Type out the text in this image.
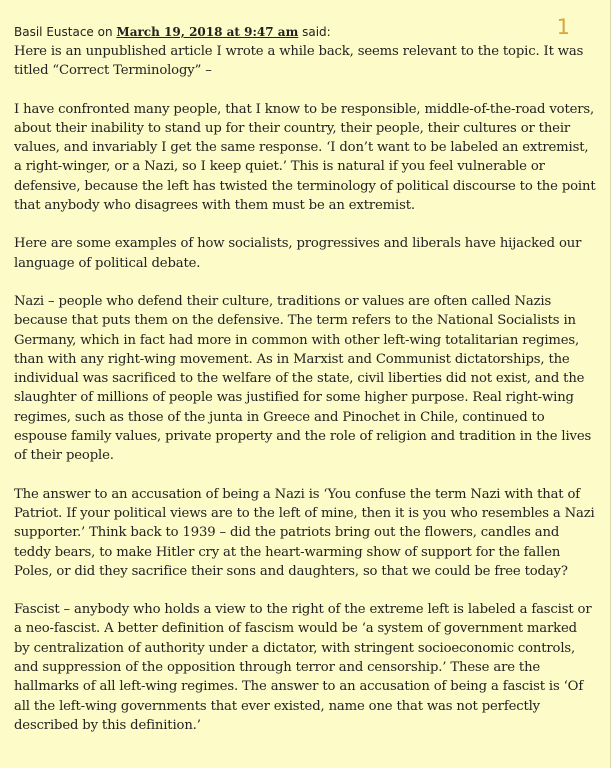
1
Basil Eustace on March 19, 2018 at 9:47 am said:

Here is an unpublished article I wrote a while back, seems relevant to the topic. It was titled “Correct Terminology” –

I have confronted many people, that I know to be responsible, middle-of-the-road voters, about their inability to stand up for their country, their people, their cultures or their values, and invariably I get the same response. ‘I don’t want to be labeled an extremist, a right-winger, or a Nazi, so I keep quiet.’ This is natural if you feel vulnerable or defensive, because the left has twisted the terminology of political discourse to the point that anybody who disagrees with them must be an extremist.

Here are some examples of how socialists, progressives and liberals have hijacked our language of political debate.

Nazi – people who defend their culture, traditions or values are often called Nazis because that puts them on the defensive. The term refers to the National Socialists in Germany, which in fact had more in common with other left-wing totalitarian regimes, than with any right-wing movement. As in Marxist and Communist dictatorships, the individual was sacrificed to the welfare of the state, civil liberties did not exist, and the slaughter of millions of people was justified for some higher purpose. Real right-wing regimes, such as those of the junta in Greece and Pinochet in Chile, continued to espouse family values, private property and the role of religion and tradition in the lives of their people.

The answer to an accusation of being a Nazi is ‘You confuse the term Nazi with that of Patriot. If your political views are to the left of mine, then it is you who resembles a Nazi supporter.’ Think back to 1939 – did the patriots bring out the flowers, candles and teddy bears, to make Hitler cry at the heart-warming show of support for the fallen Poles, or did they sacrifice their sons and daughters, so that we could be free today?

Fascist – anybody who holds a view to the right of the extreme left is labeled a fascist or a neo-fascist. A better definition of fascism would be ‘a system of government marked by centralization of authority under a dictator, with stringent socioeconomic controls, and suppression of the opposition through terror and censorship.’ These are the hallmarks of all left-wing regimes. The answer to an accusation of being a fascist is ‘Of all the left-wing governments that ever existed, name one that was not perfectly described by this definition.’
